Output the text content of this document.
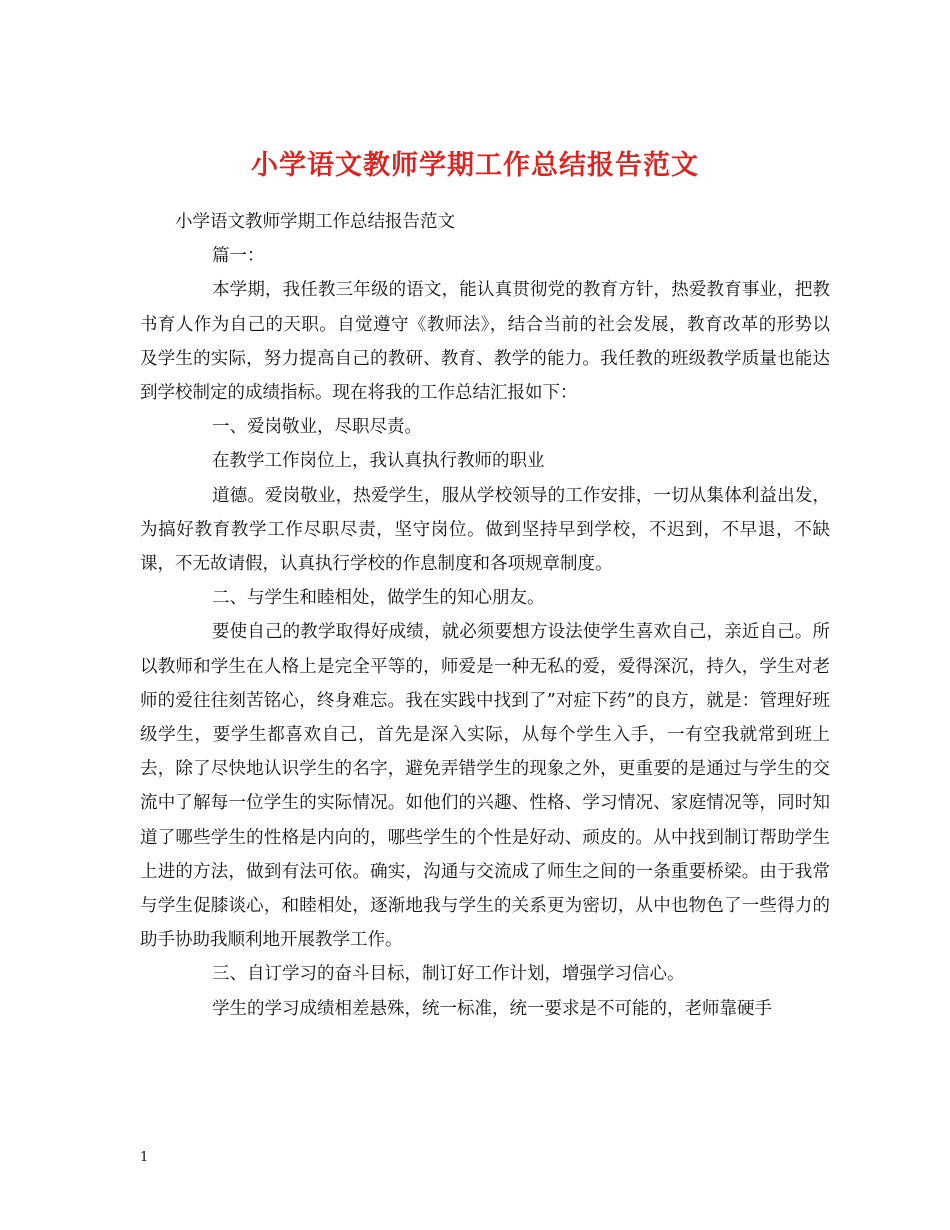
小学语文教师学期工作总结报告范文

小学语文教师学期工作总结报告范文

篇一：

本学期，我任教三年级的语文，能认真贯彻党的教育方针，热爱教育事业，把教书育人作为自己的天职。自觉遵守《教师法》，结合当前的社会发展，教育改革的形势以及学生的实际，努力提高自己的教研、教育、教学的能力。我任教的班级教学质量也能达到学校制定的成绩指标。现在将我的工作总结汇报如下：

一、爱岗敬业，尽职尽责。

在教学工作岗位上，我认真执行教师的职业

道德。爱岗敬业，热爱学生，服从学校领导的工作安排，一切从集体利益出发，为搞好教育教学工作尽职尽责，坚守岗位。做到坚持早到学校，不迟到，不早退，不缺课，不无故请假，认真执行学校的作息制度和各项规章制度。

二、与学生和睦相处，做学生的知心朋友。

要使自己的教学取得好成绩，就必须要想方设法使学生喜欢自己，亲近自己。所以教师和学生在人格上是完全平等的，师爱是一种无私的爱，爱得深沉，持久，学生对老师的爱往往刻苦铭心，终身难忘。我在实践中找到了”对症下药”的良方，就是：管理好班级学生，要学生都喜欢自己，首先是深入实际，从每个学生入手，一有空我就常到班上去，除了尽快地认识学生的名字，避免弄错学生的现象之外，更重要的是通过与学生的交流中了解每一位学生的实际情况。如他们的兴趣、性格、学习情况、家庭情况等，同时知道了哪些学生的性格是内向的，哪些学生的个性是好动、顽皮的。从中找到制订帮助学生上进的方法，做到有法可依。确实，沟通与交流成了师生之间的一条重要桥梁。由于我常与学生促膝谈心，和睦相处，逐渐地我与学生的关系更为密切，从中也物色了一些得力的助手协助我顺利地开展教学工作。

三、自订学习的奋斗目标，制订好工作计划，增强学习信心。

学生的学习成绩相差悬殊，统一标准，统一要求是不可能的，老师靠硬手

1
